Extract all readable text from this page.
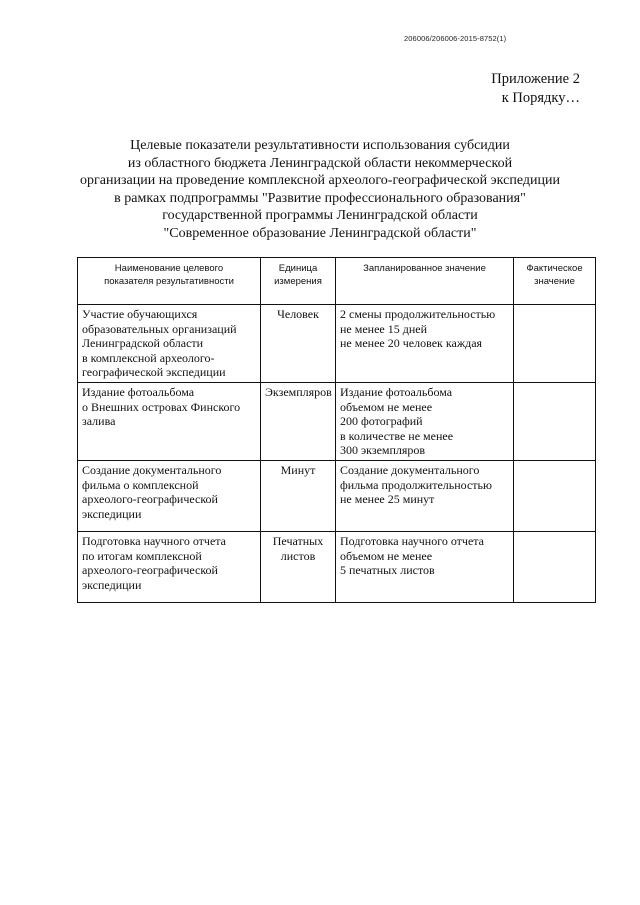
206006/206006-2015-8752(1)
Приложение 2
к Порядку…
Целевые показатели результативности использования субсидии
из областного бюджета Ленинградской области некоммерческой
организации на проведение комплексной археолого-географической экспедиции
в рамках подпрограммы "Развитие профессионального образования"
государственной программы Ленинградской области
"Современное образование Ленинградской области"
Наименование целевого
показателя результативности	Единица
измерения	Запланированное значение	Фактическое
значение
Участие обучающихся
образовательных организаций
Ленинградской области
в комплексной археолого-
географической экспедиции	Человек	2 смены продолжительностью
не менее 15 дней
не менее 20 человек каждая	
Издание фотоальбома
о Внешних островах Финского
залива	Экземпляров	Издание фотоальбома
объемом не менее
200 фотографий
в количестве не менее
300 экземпляров	
Создание документального
фильма о комплексной
археолого-географической
экспедиции	Минут	Создание документального
фильма продолжительностью
не менее 25 минут	
Подготовка научного отчета
по итогам комплексной
археолого-географической
экспедиции	Печатных
листов	Подготовка научного отчета
объемом не менее
5 печатных листов	
